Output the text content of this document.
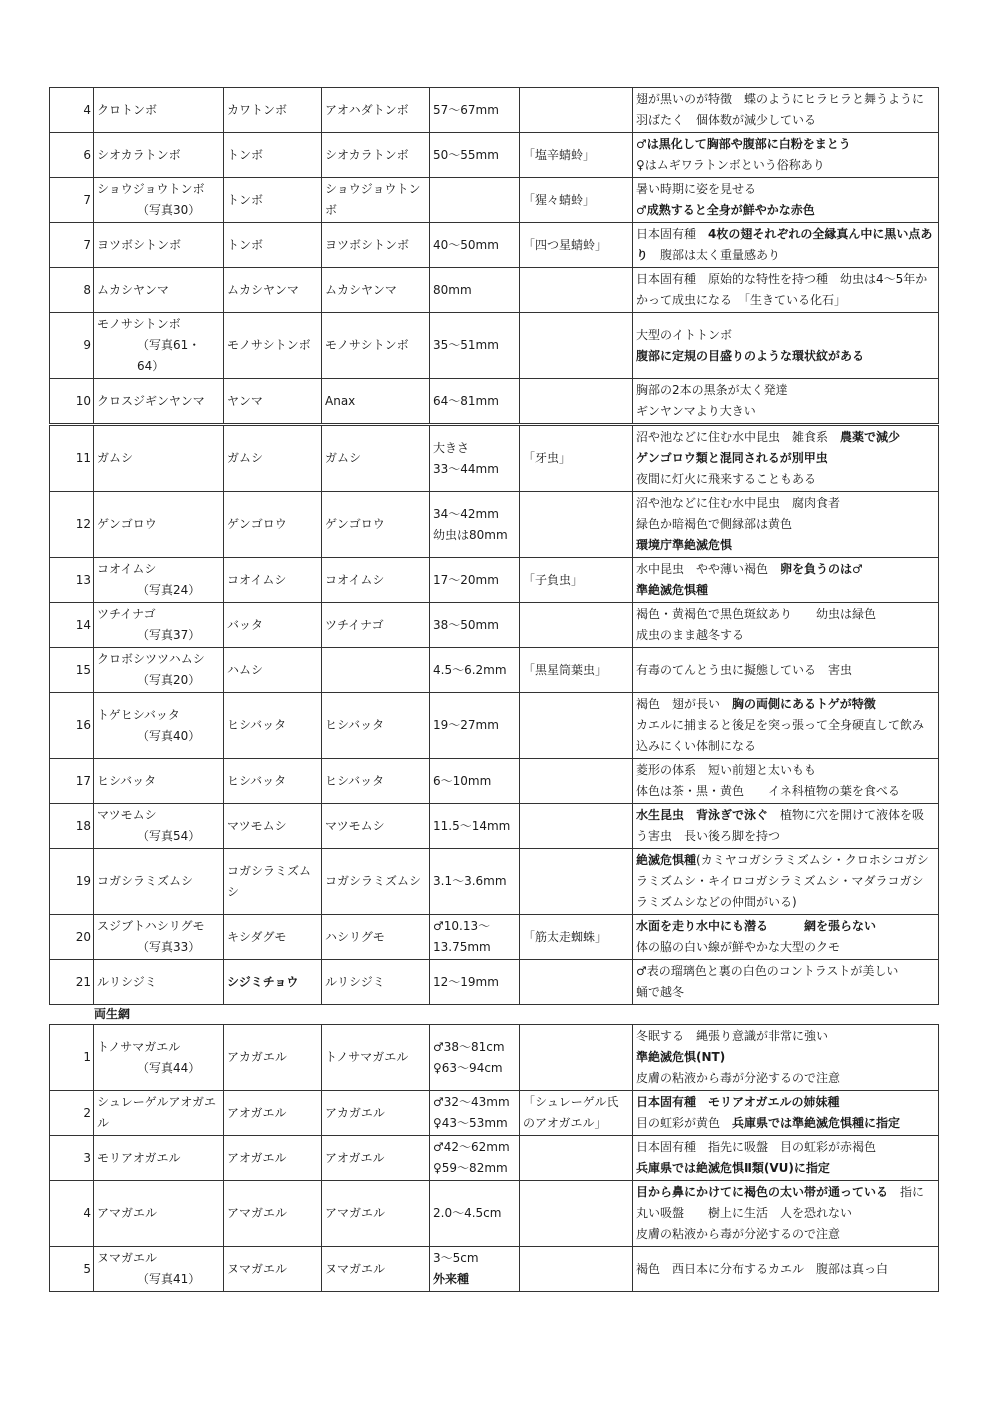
4	クロトンボ	カワトンボ	アオハダトンボ	57〜67mm		翅が黒いのが特徴　蝶のようにヒラヒラと舞うように羽ばたく　個体数が減少している

6	シオカラトンボ	トンボ	シオカラトンボ	50〜55mm	「塩辛蜻蛉」	♂は黒化して胸部や腹部に白粉をまとう
♀はムギワラトンボという俗称あり

7	ショウジョウトンボ
（写真30）	トンボ	ショウジョウトンボ		「猩々蜻蛉」	暑い時期に姿を見せる
♂成熟すると全身が鮮やかな赤色

7	ヨツボシトンボ	トンボ	ヨツボシトンボ	40〜50mm	「四つ星蜻蛉」	日本固有種　4枚の翅それぞれの全縁真ん中に黒い点あり　腹部は太く重量感あり

8	ムカシヤンマ	ムカシヤンマ	ムカシヤンマ	80mm		日本固有種　原始的な特性を持つ種　幼虫は4〜5年かかって成虫になる　「生きている化石」

9	モノサシトンボ
（写真61・64）	モノサシトンボ	モノサシトンボ	35〜51mm		大型のイトトンボ
腹部に定規の目盛りのような環状紋がある

10	クロスジギンヤンマ	ヤンマ	Anax	64〜81mm		胸部の2本の黒条が太く発達
ギンヤンマより大きい

11	ガムシ	ガムシ	ガムシ	大きさ
33〜44mm	「牙虫」	沼や池などに住む水中昆虫　雑食系　農薬で減少
ゲンゴロウ類と混同されるが別甲虫
夜間に灯火に飛来することもある

12	ゲンゴロウ	ゲンゴロウ	ゲンゴロウ	34〜42mm
幼虫は80mm		沼や池などに住む水中昆虫　腐肉食者
緑色か暗褐色で側縁部は黄色
環境庁準絶滅危惧

13	コオイムシ
（写真24）	コオイムシ	コオイムシ	17〜20mm	「子負虫」	水中昆虫　やや薄い褐色　卵を負うのは♂
準絶滅危惧種

14	ツチイナゴ
（写真37）	バッタ	ツチイナゴ	38〜50mm		褐色・黄褐色で黒色斑紋あり　　幼虫は緑色
成虫のまま越冬する

15	クロボシツツハムシ
（写真20）	ハムシ		4.5〜6.2mm	「黒星筒葉虫」	有毒のてんとう虫に擬態している　害虫

16	トゲヒシバッタ
（写真40）	ヒシバッタ	ヒシバッタ	19〜27mm		褐色　翅が長い　胸の両側にあるトゲが特徴
カエルに捕まると後足を突っ張って全身硬直して飲み込みにくい体制になる

17	ヒシバッタ	ヒシバッタ	ヒシバッタ	6〜10mm		菱形の体系　短い前翅と太いもも
体色は茶・黒・黄色　　イネ科植物の葉を食べる

18	マツモムシ
（写真54）	マツモムシ	マツモムシ	11.5〜14mm		水生昆虫　背泳ぎで泳ぐ　植物に穴を開けて液体を吸う害虫　長い後ろ脚を持つ

19	コガシラミズムシ	コガシラミズムシ	コガシラミズムシ	3.1〜3.6mm		絶滅危惧種(カミヤコガシラミズムシ・クロホシコガシラミズムシ・キイロコガシラミズムシ・マダラコガシラミズムシなどの仲間がいる)

20	スジブトハシリグモ
（写真33）	キシダグモ	ハシリグモ	♂10.13〜
13.75mm	「筋太走蜘蛛」	水面を走り水中にも潜る　　　網を張らない
体の脇の白い線が鮮やかな大型のクモ

21	ルリシジミ	シジミチョウ	ルリシジミ	12〜19mm		♂表の瑠璃色と裏の白色のコントラストが美しい
蛹で越冬
両生網
1	トノサマガエル
（写真44）	アカガエル	トノサマガエル	♂38〜81cm
♀63〜94cm		冬眠する　縄張り意識が非常に強い
準絶滅危惧(NT)
皮膚の粘液から毒が分泌するので注意

2	シュレーゲルアオガエル	アオガエル	アカガエル	♂32〜43mm
♀43〜53mm	「シュレーゲル氏のアオガエル」	日本固有種　モリアオガエルの姉妹種
目の虹彩が黄色　兵庫県では準絶滅危惧種に指定

3	モリアオガエル	アオガエル	アオガエル	♂42〜62mm
♀59〜82mm		日本固有種　指先に吸盤　目の虹彩が赤褐色
兵庫県では絶滅危惧Ⅱ類(VU)に指定

4	アマガエル	アマガエル	アマガエル	2.0〜4.5cm		目から鼻にかけてに褐色の太い帯が通っている　指に丸い吸盤　　樹上に生活　人を恐れない
皮膚の粘液から毒が分泌するので注意

5	ヌマガエル
（写真41）	ヌマガエル	ヌマガエル	3〜5cm
外来種		褐色　西日本に分布するカエル　腹部は真っ白
